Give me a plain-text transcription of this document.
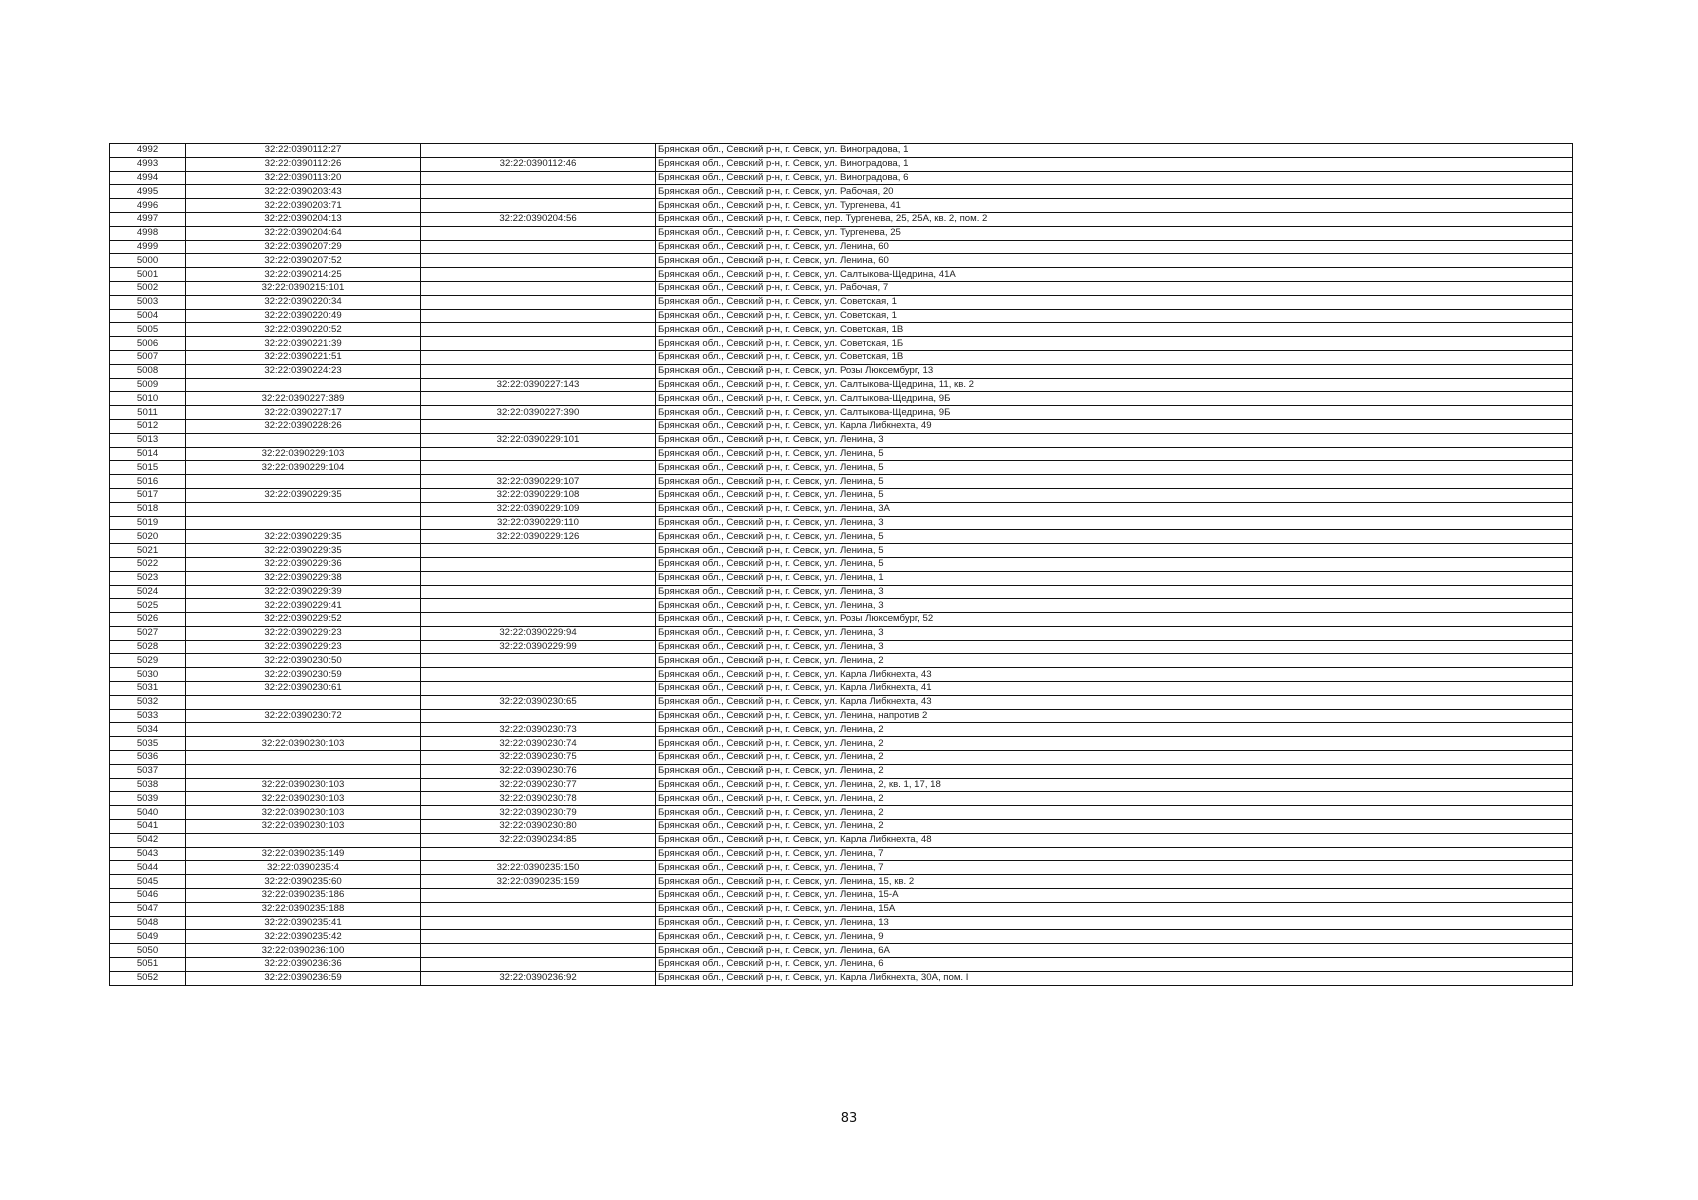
4992	32:22:0390112:27		Брянская обл., Севский р-н, г. Севск, ул. Виноградова, 1
4993	32:22:0390112:26	32:22:0390112:46	Брянская обл., Севский р-н, г. Севск, ул. Виноградова, 1
4994	32:22:0390113:20		Брянская обл., Севский р-н, г. Севск, ул. Виноградова, 6
4995	32:22:0390203:43		Брянская обл., Севский р-н, г. Севск, ул. Рабочая, 20
4996	32:22:0390203:71		Брянская обл., Севский р-н, г. Севск, ул. Тургенева, 41
4997	32:22:0390204:13	32:22:0390204:56	Брянская обл., Севский р-н, г. Севск, пер. Тургенева, 25, 25А, кв. 2, пом. 2
4998	32:22:0390204:64		Брянская обл., Севский р-н, г. Севск, ул. Тургенева, 25
4999	32:22:0390207:29		Брянская обл., Севский р-н, г. Севск, ул. Ленина, 60
5000	32:22:0390207:52		Брянская обл., Севский р-н, г. Севск, ул. Ленина, 60
5001	32:22:0390214:25		Брянская обл., Севский р-н, г. Севск, ул. Салтыкова-Щедрина, 41А
5002	32:22:0390215:101		Брянская обл., Севский р-н, г. Севск, ул. Рабочая, 7
5003	32:22:0390220:34		Брянская обл., Севский р-н, г. Севск, ул. Советская, 1
5004	32:22:0390220:49		Брянская обл., Севский р-н, г. Севск, ул. Советская, 1
5005	32:22:0390220:52		Брянская обл., Севский р-н, г. Севск, ул. Советская, 1В
5006	32:22:0390221:39		Брянская обл., Севский р-н, г. Севск, ул. Советская, 1Б
5007	32:22:0390221:51		Брянская обл., Севский р-н, г. Севск, ул. Советская, 1В
5008	32:22:0390224:23		Брянская обл., Севский р-н, г. Севск, ул. Розы Люксембург, 13
5009		32:22:0390227:143	Брянская обл., Севский р-н, г. Севск, ул. Салтыкова-Щедрина, 11, кв. 2
5010	32:22:0390227:389		Брянская обл., Севский р-н, г. Севск, ул. Салтыкова-Щедрина, 9Б
5011	32:22:0390227:17	32:22:0390227:390	Брянская обл., Севский р-н, г. Севск, ул. Салтыкова-Щедрина, 9Б
5012	32:22:0390228:26		Брянская обл., Севский р-н, г. Севск, ул. Карла Либкнехта, 49
5013		32:22:0390229:101	Брянская обл., Севский р-н, г. Севск, ул. Ленина, 3
5014	32:22:0390229:103		Брянская обл., Севский р-н, г. Севск, ул. Ленина, 5
5015	32:22:0390229:104		Брянская обл., Севский р-н, г. Севск, ул. Ленина, 5
5016		32:22:0390229:107	Брянская обл., Севский р-н, г. Севск, ул. Ленина, 5
5017	32:22:0390229:35	32:22:0390229:108	Брянская обл., Севский р-н, г. Севск, ул. Ленина, 5
5018		32:22:0390229:109	Брянская обл., Севский р-н, г. Севск, ул. Ленина, 3А
5019		32:22:0390229:110	Брянская обл., Севский р-н, г. Севск, ул. Ленина, 3
5020	32:22:0390229:35	32:22:0390229:126	Брянская обл., Севский р-н, г. Севск, ул. Ленина, 5
5021	32:22:0390229:35		Брянская обл., Севский р-н, г. Севск, ул. Ленина, 5
5022	32:22:0390229:36		Брянская обл., Севский р-н, г. Севск, ул. Ленина, 5
5023	32:22:0390229:38		Брянская обл., Севский р-н, г. Севск, ул. Ленина, 1
5024	32:22:0390229:39		Брянская обл., Севский р-н, г. Севск, ул. Ленина, 3
5025	32:22:0390229:41		Брянская обл., Севский р-н, г. Севск, ул. Ленина, 3
5026	32:22:0390229:52		Брянская обл., Севский р-н, г. Севск, ул. Розы Люксембург, 52
5027	32:22:0390229:23	32:22:0390229:94	Брянская обл., Севский р-н, г. Севск, ул. Ленина, 3
5028	32:22:0390229:23	32:22:0390229:99	Брянская обл., Севский р-н, г. Севск, ул. Ленина, 3
5029	32:22:0390230:50		Брянская обл., Севский р-н, г. Севск, ул. Ленина, 2
5030	32:22:0390230:59		Брянская обл., Севский р-н, г. Севск, ул. Карла Либкнехта, 43
5031	32:22:0390230:61		Брянская обл., Севский р-н, г. Севск, ул. Карла Либкнехта, 41
5032		32:22:0390230:65	Брянская обл., Севский р-н, г. Севск, ул. Карла Либкнехта, 43
5033	32:22:0390230:72		Брянская обл., Севский р-н, г. Севск, ул. Ленина, напротив 2
5034		32:22:0390230:73	Брянская обл., Севский р-н, г. Севск, ул. Ленина, 2
5035	32:22:0390230:103	32:22:0390230:74	Брянская обл., Севский р-н, г. Севск, ул. Ленина, 2
5036		32:22:0390230:75	Брянская обл., Севский р-н, г. Севск, ул. Ленина, 2
5037		32:22:0390230:76	Брянская обл., Севский р-н, г. Севск, ул. Ленина, 2
5038	32:22:0390230:103	32:22:0390230:77	Брянская обл., Севский р-н, г. Севск, ул. Ленина, 2, кв. 1, 17, 18
5039	32:22:0390230:103	32:22:0390230:78	Брянская обл., Севский р-н, г. Севск, ул. Ленина, 2
5040	32:22:0390230:103	32:22:0390230:79	Брянская обл., Севский р-н, г. Севск, ул. Ленина, 2
5041	32:22:0390230:103	32:22:0390230:80	Брянская обл., Севский р-н, г. Севск, ул. Ленина, 2
5042		32:22:0390234:85	Брянская обл., Севский р-н, г. Севск, ул. Карла Либкнехта, 48
5043	32:22:0390235:149		Брянская обл., Севский р-н, г. Севск, ул. Ленина, 7
5044	32:22:0390235:4	32:22:0390235:150	Брянская обл., Севский р-н, г. Севск, ул. Ленина, 7
5045	32:22:0390235:60	32:22:0390235:159	Брянская обл., Севский р-н, г. Севск, ул. Ленина, 15, кв. 2
5046	32:22:0390235:186		Брянская обл., Севский р-н, г. Севск, ул. Ленина, 15-А
5047	32:22:0390235:188		Брянская обл., Севский р-н, г. Севск, ул. Ленина, 15А
5048	32:22:0390235:41		Брянская обл., Севский р-н, г. Севск, ул. Ленина, 13
5049	32:22:0390235:42		Брянская обл., Севский р-н, г. Севск, ул. Ленина, 9
5050	32:22:0390236:100		Брянская обл., Севский р-н, г. Севск, ул. Ленина, 6А
5051	32:22:0390236:36		Брянская обл., Севский р-н, г. Севск, ул. Ленина, 6
5052	32:22:0390236:59	32:22:0390236:92	Брянская обл., Севский р-н, г. Севск, ул. Карла Либкнехта, 30А, пом. I
83
